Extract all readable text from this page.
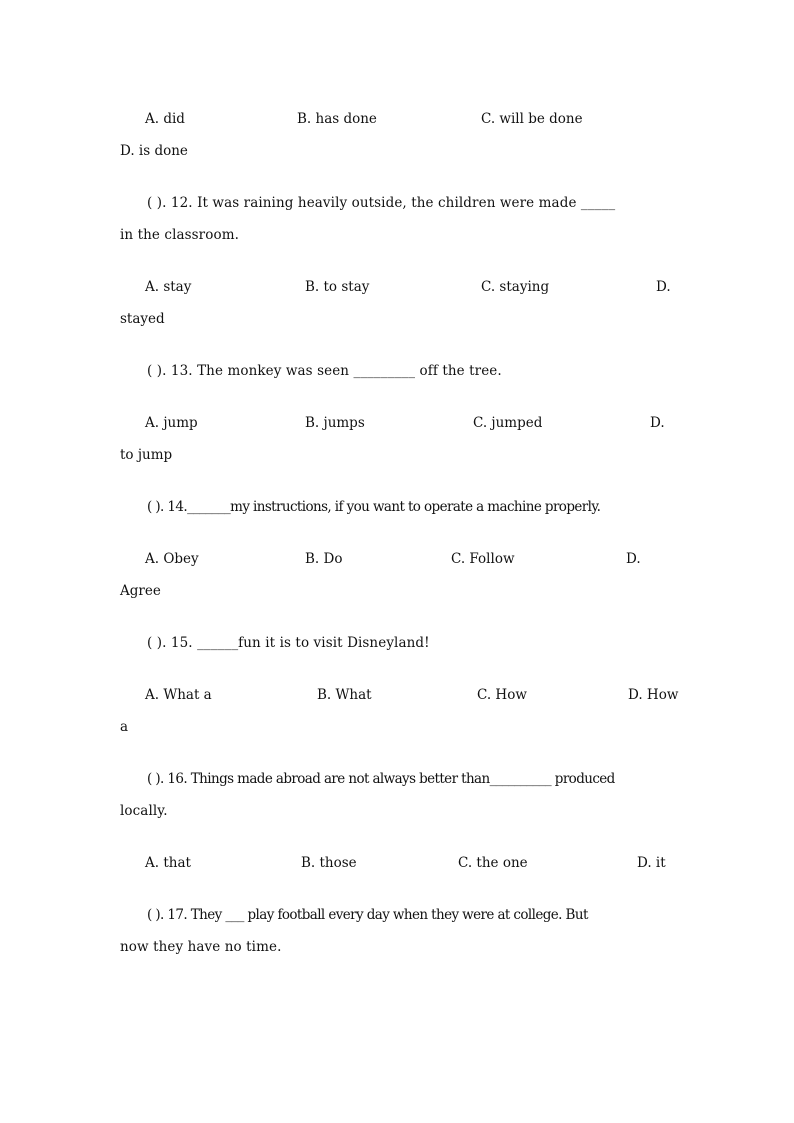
A. did	B. has done	C. will be done
D. is done
( ). 12. It was raining heavily outside, the children were made _____
in the classroom.
A. stay	B. to stay	C. staying	D.
stayed
( ). 13. The monkey was seen _________ off the tree.
A. jump	B. jumps	C. jumped	D.
to jump
( ). 14._______my instructions, if you want to operate a machine properly.
A. Obey	B. Do	C. Follow	D.
Agree
( ). 15. ______fun it is to visit Disneyland!
A. What a	B. What	C. How	D. How
a
( ). 16. Things made abroad are not always better than__________ produced
locally.
A. that	B. those	C. the one	D. it
( ). 17. They ___ play football every day when they were at college. But
now they have no time.
